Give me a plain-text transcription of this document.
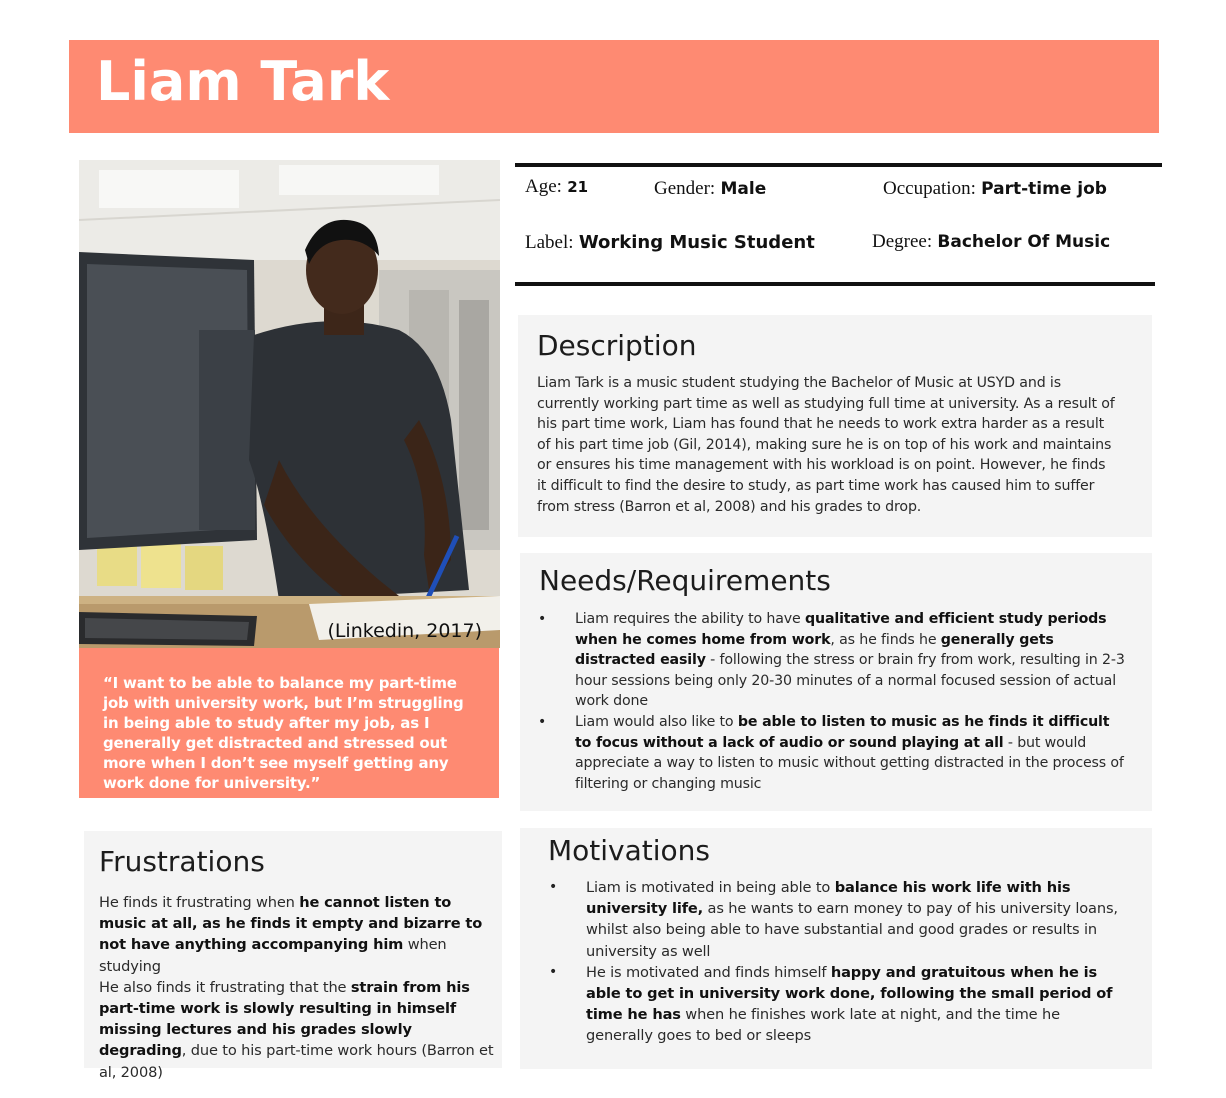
Liam Tark
(Linkedin, 2017)

“I want to be able to balance my part-time job with university work, but I’m struggling in being able to study after my job, as I generally get distracted and stressed out more when I don’t see myself getting any work done for university.”

Age: 21	Gender: Male	Occupation: Part-time job
Label: Working Music Student	Degree: Bachelor Of Music
Description
Liam Tark is a music student studying the Bachelor of Music at USYD and is currently working part time as well as studying full time at university. As a result of his part time work, Liam has found that he needs to work extra harder as a result of his part time job (Gil, 2014), making sure he is on top of his work and maintains or ensures his time management with his workload is on point. However, he finds it difficult to find the desire to study, as part time work has caused him to suffer from stress (Barron et al, 2008) and his grades to drop.
Needs/Requirements
• Liam requires the ability to have qualitative and efficient study periods when he comes home from work, as he finds he generally gets distracted easily - following the stress or brain fry from work, resulting in 2-3 hour sessions being only 20-30 minutes of a normal focused session of actual work done
• Liam would also like to be able to listen to music as he finds it difficult to focus without a lack of audio or sound playing at all - but would appreciate a way to listen to music without getting distracted in the process of filtering or changing music
Frustrations
He finds it frustrating when he cannot listen to music at all, as he finds it empty and bizarre to not have anything accompanying him when studying
He also finds it frustrating that the strain from his part-time work is slowly resulting in himself missing lectures and his grades slowly degrading, due to his part-time work hours (Barron et al, 2008)
Motivations
• Liam is motivated in being able to balance his work life with his university life, as he wants to earn money to pay of his university loans, whilst also being able to have substantial and good grades or results in university as well
• He is motivated and finds himself happy and gratuitous when he is able to get in university work done, following the small period of time he has when he finishes work late at night, and the time he generally goes to bed or sleeps
